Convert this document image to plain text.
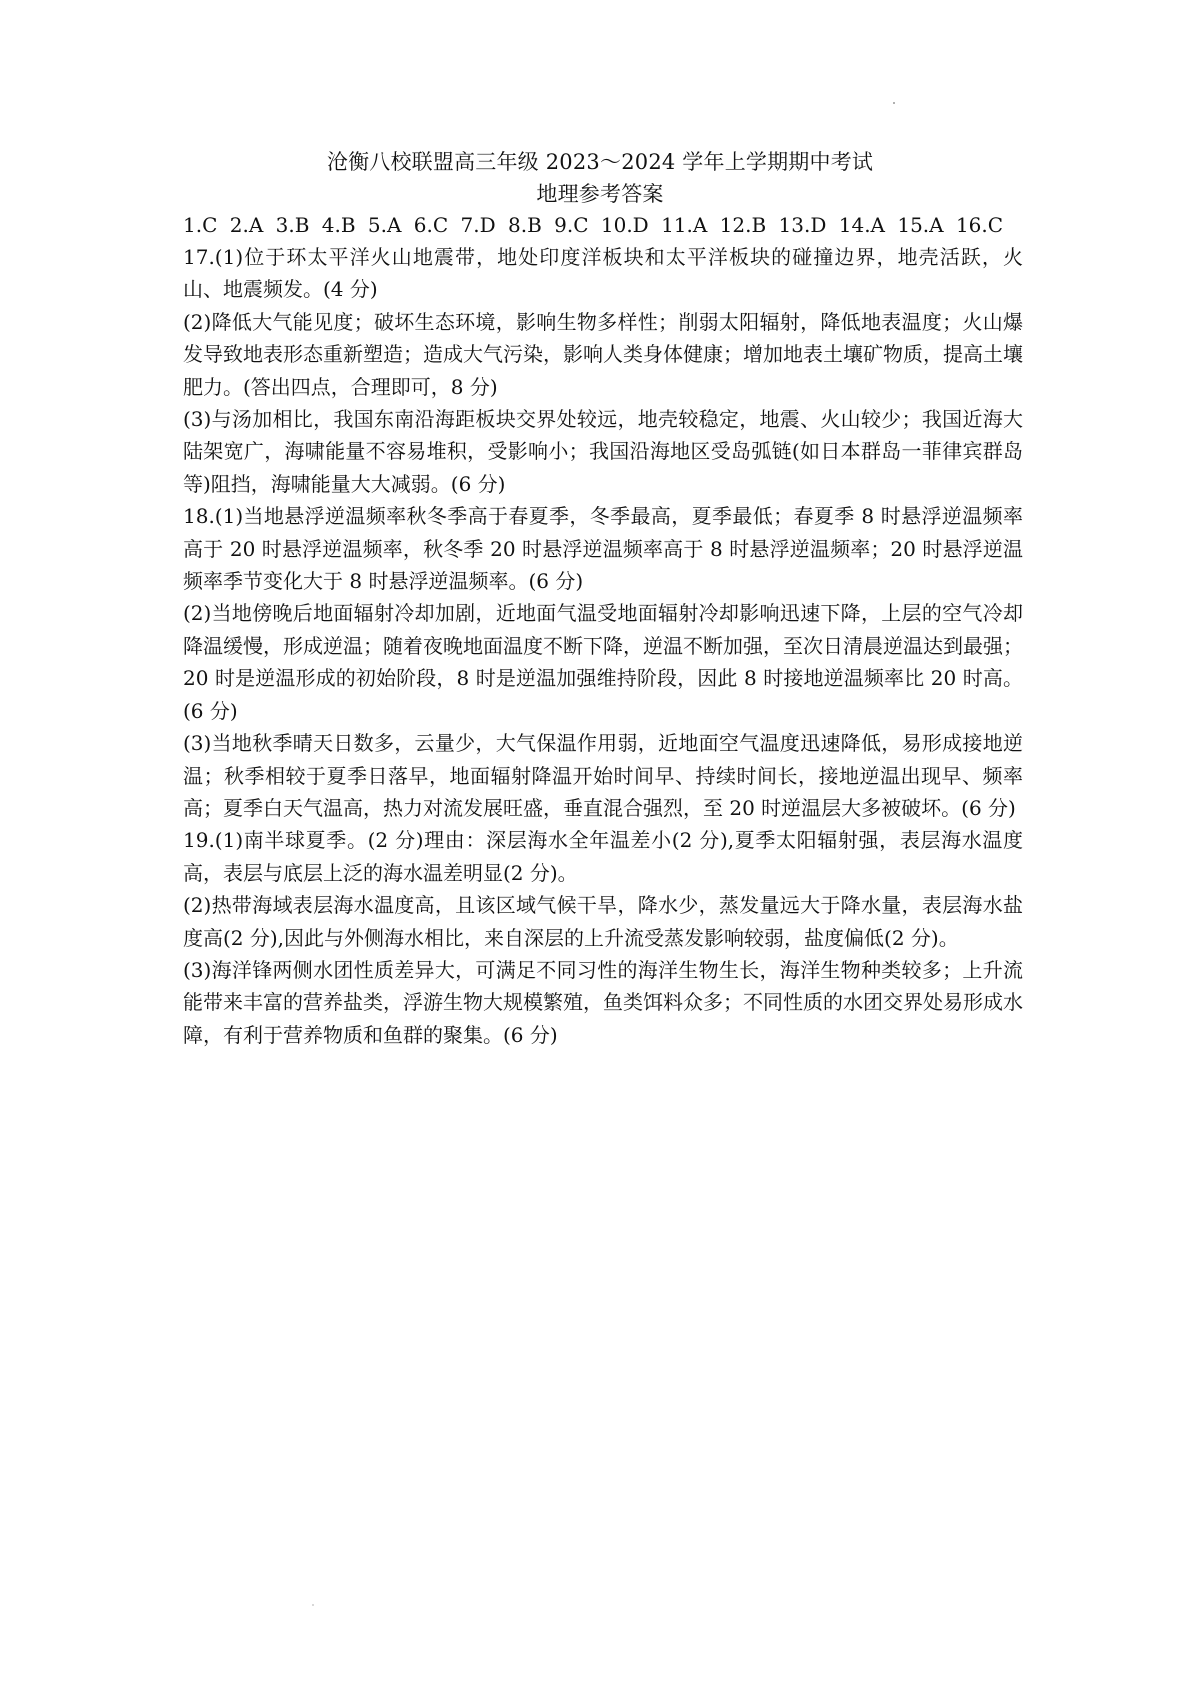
沧衡八校联盟高三年级 2023～2024 学年上学期期中考试
地理参考答案
1.C 2.A 3.B 4.B 5.A 6.C 7.D 8.B 9.C 10.D 11.A 12.B 13.D 14.A 15.A 16.C

17.(1)位于环太平洋火山地震带，地处印度洋板块和太平洋板块的碰撞边界，地壳活跃，火山、地震频发。(4 分)

(2)降低大气能见度；破坏生态环境，影响生物多样性；削弱太阳辐射，降低地表温度；火山爆发导致地表形态重新塑造；造成大气污染，影响人类身体健康；增加地表土壤矿物质，提高土壤肥力。(答出四点，合理即可，8 分)

(3)与汤加相比，我国东南沿海距板块交界处较远，地壳较稳定，地震、火山较少；我国近海大陆架宽广，海啸能量不容易堆积，受影响小；我国沿海地区受岛弧链(如日本群岛一菲律宾群岛等)阻挡，海啸能量大大减弱。(6 分)

18.(1)当地悬浮逆温频率秋冬季高于春夏季，冬季最高，夏季最低；春夏季 8 时悬浮逆温频率高于 20 时悬浮逆温频率，秋冬季 20 时悬浮逆温频率高于 8 时悬浮逆温频率；20 时悬浮逆温频率季节变化大于 8 时悬浮逆温频率。(6 分)

(2)当地傍晚后地面辐射冷却加剧，近地面气温受地面辐射冷却影响迅速下降，上层的空气冷却降温缓慢，形成逆温；随着夜晚地面温度不断下降，逆温不断加强，至次日清晨逆温达到最强；20 时是逆温形成的初始阶段，8 时是逆温加强维持阶段，因此 8 时接地逆温频率比 20 时高。(6 分)

(3)当地秋季晴天日数多，云量少，大气保温作用弱，近地面空气温度迅速降低，易形成接地逆温；秋季相较于夏季日落早，地面辐射降温开始时间早、持续时间长，接地逆温出现早、频率高；夏季白天气温高，热力对流发展旺盛，垂直混合强烈，至 20 时逆温层大多被破坏。(6 分)

19.(1)南半球夏季。(2 分)理由：深层海水全年温差小(2 分),夏季太阳辐射强，表层海水温度高，表层与底层上泛的海水温差明显(2 分)。

(2)热带海域表层海水温度高，且该区域气候干旱，降水少，蒸发量远大于降水量，表层海水盐度高(2 分),因此与外侧海水相比，来自深层的上升流受蒸发影响较弱，盐度偏低(2 分)。

(3)海洋锋两侧水团性质差异大，可满足不同习性的海洋生物生长，海洋生物种类较多；上升流能带来丰富的营养盐类，浮游生物大规模繁殖，鱼类饵料众多；不同性质的水团交界处易形成水障，有利于营养物质和鱼群的聚集。(6 分)
